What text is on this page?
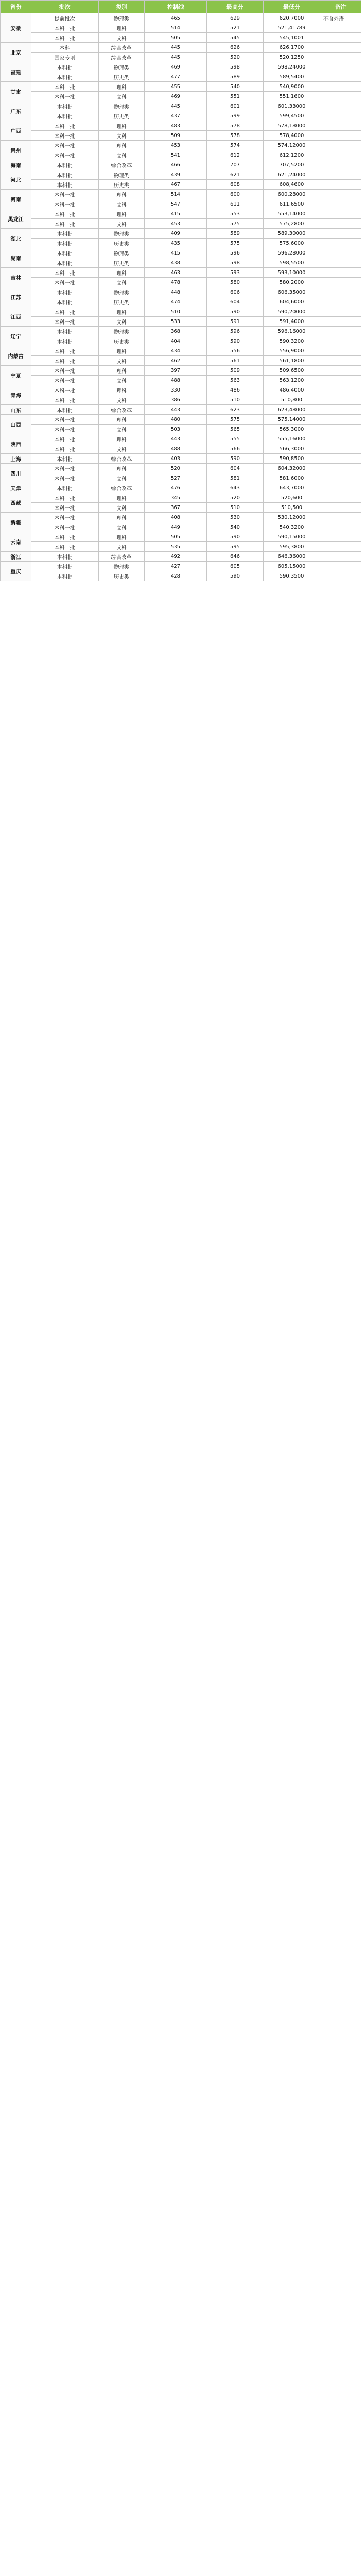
省份	批次	类别	控制线	最高分	最低分	备注
安徽	提前批次	物理类	465	629	620,7000	不含外语
	本科一批	理科	514	521	521,41789	
	本科一批	文科	505	545	545,1001	
北京	本科	综合改革	445	626	626,1700	
	国家专项	综合改革	445	520	520,1250	
福建	本科批	物理类	469	598	598,24000	
	本科批	历史类	477	589	589,5400	
甘肃	本科一批	理科	455	540	540,9000	
	本科一批	文科	469	551	551,1600	
广东	本科批	物理类	445	601	601,33000	
	本科批	历史类	437	599	599,4500	
广西	本科一批	理科	483	578	578,18000	
	本科一批	文科	509	578	578,4000	
贵州	本科一批	理科	453	574	574,12000	
	本科一批	文科	541	612	612,1200	
海南	本科批	综合改革	466	707	707,5200	
河北	本科批	物理类	439	621	621,24000	
	本科批	历史类	467	608	608,4600	
河南	本科一批	理科	514	600	600,28000	
	本科一批	文科	547	611	611,6500	
黑龙江	本科一批	理科	415	553	553,14000	
	本科一批	文科	453	575	575,2800	
湖北	本科批	物理类	409	589	589,30000	
	本科批	历史类	435	575	575,6000	
湖南	本科批	物理类	415	596	596,28000	
	本科批	历史类	438	598	598,5500	
吉林	本科一批	理科	463	593	593,10000	
	本科一批	文科	478	580	580,2000	
江苏	本科批	物理类	448	606	606,35000	
	本科批	历史类	474	604	604,6000	
江西	本科一批	理科	510	590	590,20000	
	本科一批	文科	533	591	591,4000	
辽宁	本科批	物理类	368	596	596,16000	
	本科批	历史类	404	590	590,3200	
内蒙古	本科一批	理科	434	556	556,9000	
	本科一批	文科	462	561	561,1800	
宁夏	本科一批	理科	397	509	509,6500	
	本科一批	文科	488	563	563,1200	
青海	本科一批	理科	330	486	486,4000	
	本科一批	文科	386	510	510,800	
山东	本科批	综合改革	443	623	623,48000	
山西	本科一批	理科	480	575	575,14000	
	本科一批	文科	503	565	565,3000	
陕西	本科一批	理科	443	555	555,16000	
	本科一批	文科	488	566	566,3000	
上海	本科批	综合改革	403	590	590,8500	
四川	本科一批	理科	520	604	604,32000	
	本科一批	文科	527	581	581,6000	
天津	本科批	综合改革	476	643	643,7000	
西藏	本科一批	理科	345	520	520,600	
	本科一批	文科	367	510	510,500	
新疆	本科一批	理科	408	530	530,12000	
	本科一批	文科	449	540	540,3200	
云南	本科一批	理科	505	590	590,15000	
	本科一批	文科	535	595	595,3800	
浙江	本科批	综合改革	492	646	646,36000	
重庆	本科批	物理类	427	605	605,15000	
	本科批	历史类	428	590	590,3500	
